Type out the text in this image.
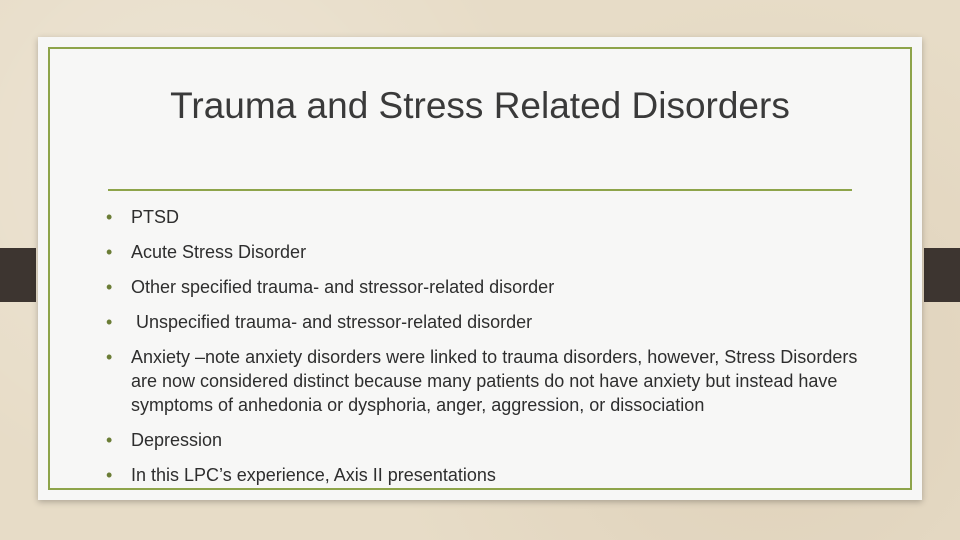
Trauma and Stress Related Disorders
• PTSD
• Acute Stress Disorder
• Other specified trauma- and stressor-related disorder
• Unspecified trauma- and stressor-related disorder
• Anxiety –note anxiety disorders were linked to trauma disorders, however, Stress Disorders are now considered distinct because many patients do not have anxiety but instead have symptoms of anhedonia or dysphoria, anger, aggression, or dissociation
• Depression
• In this LPC’s experience, Axis II presentations
